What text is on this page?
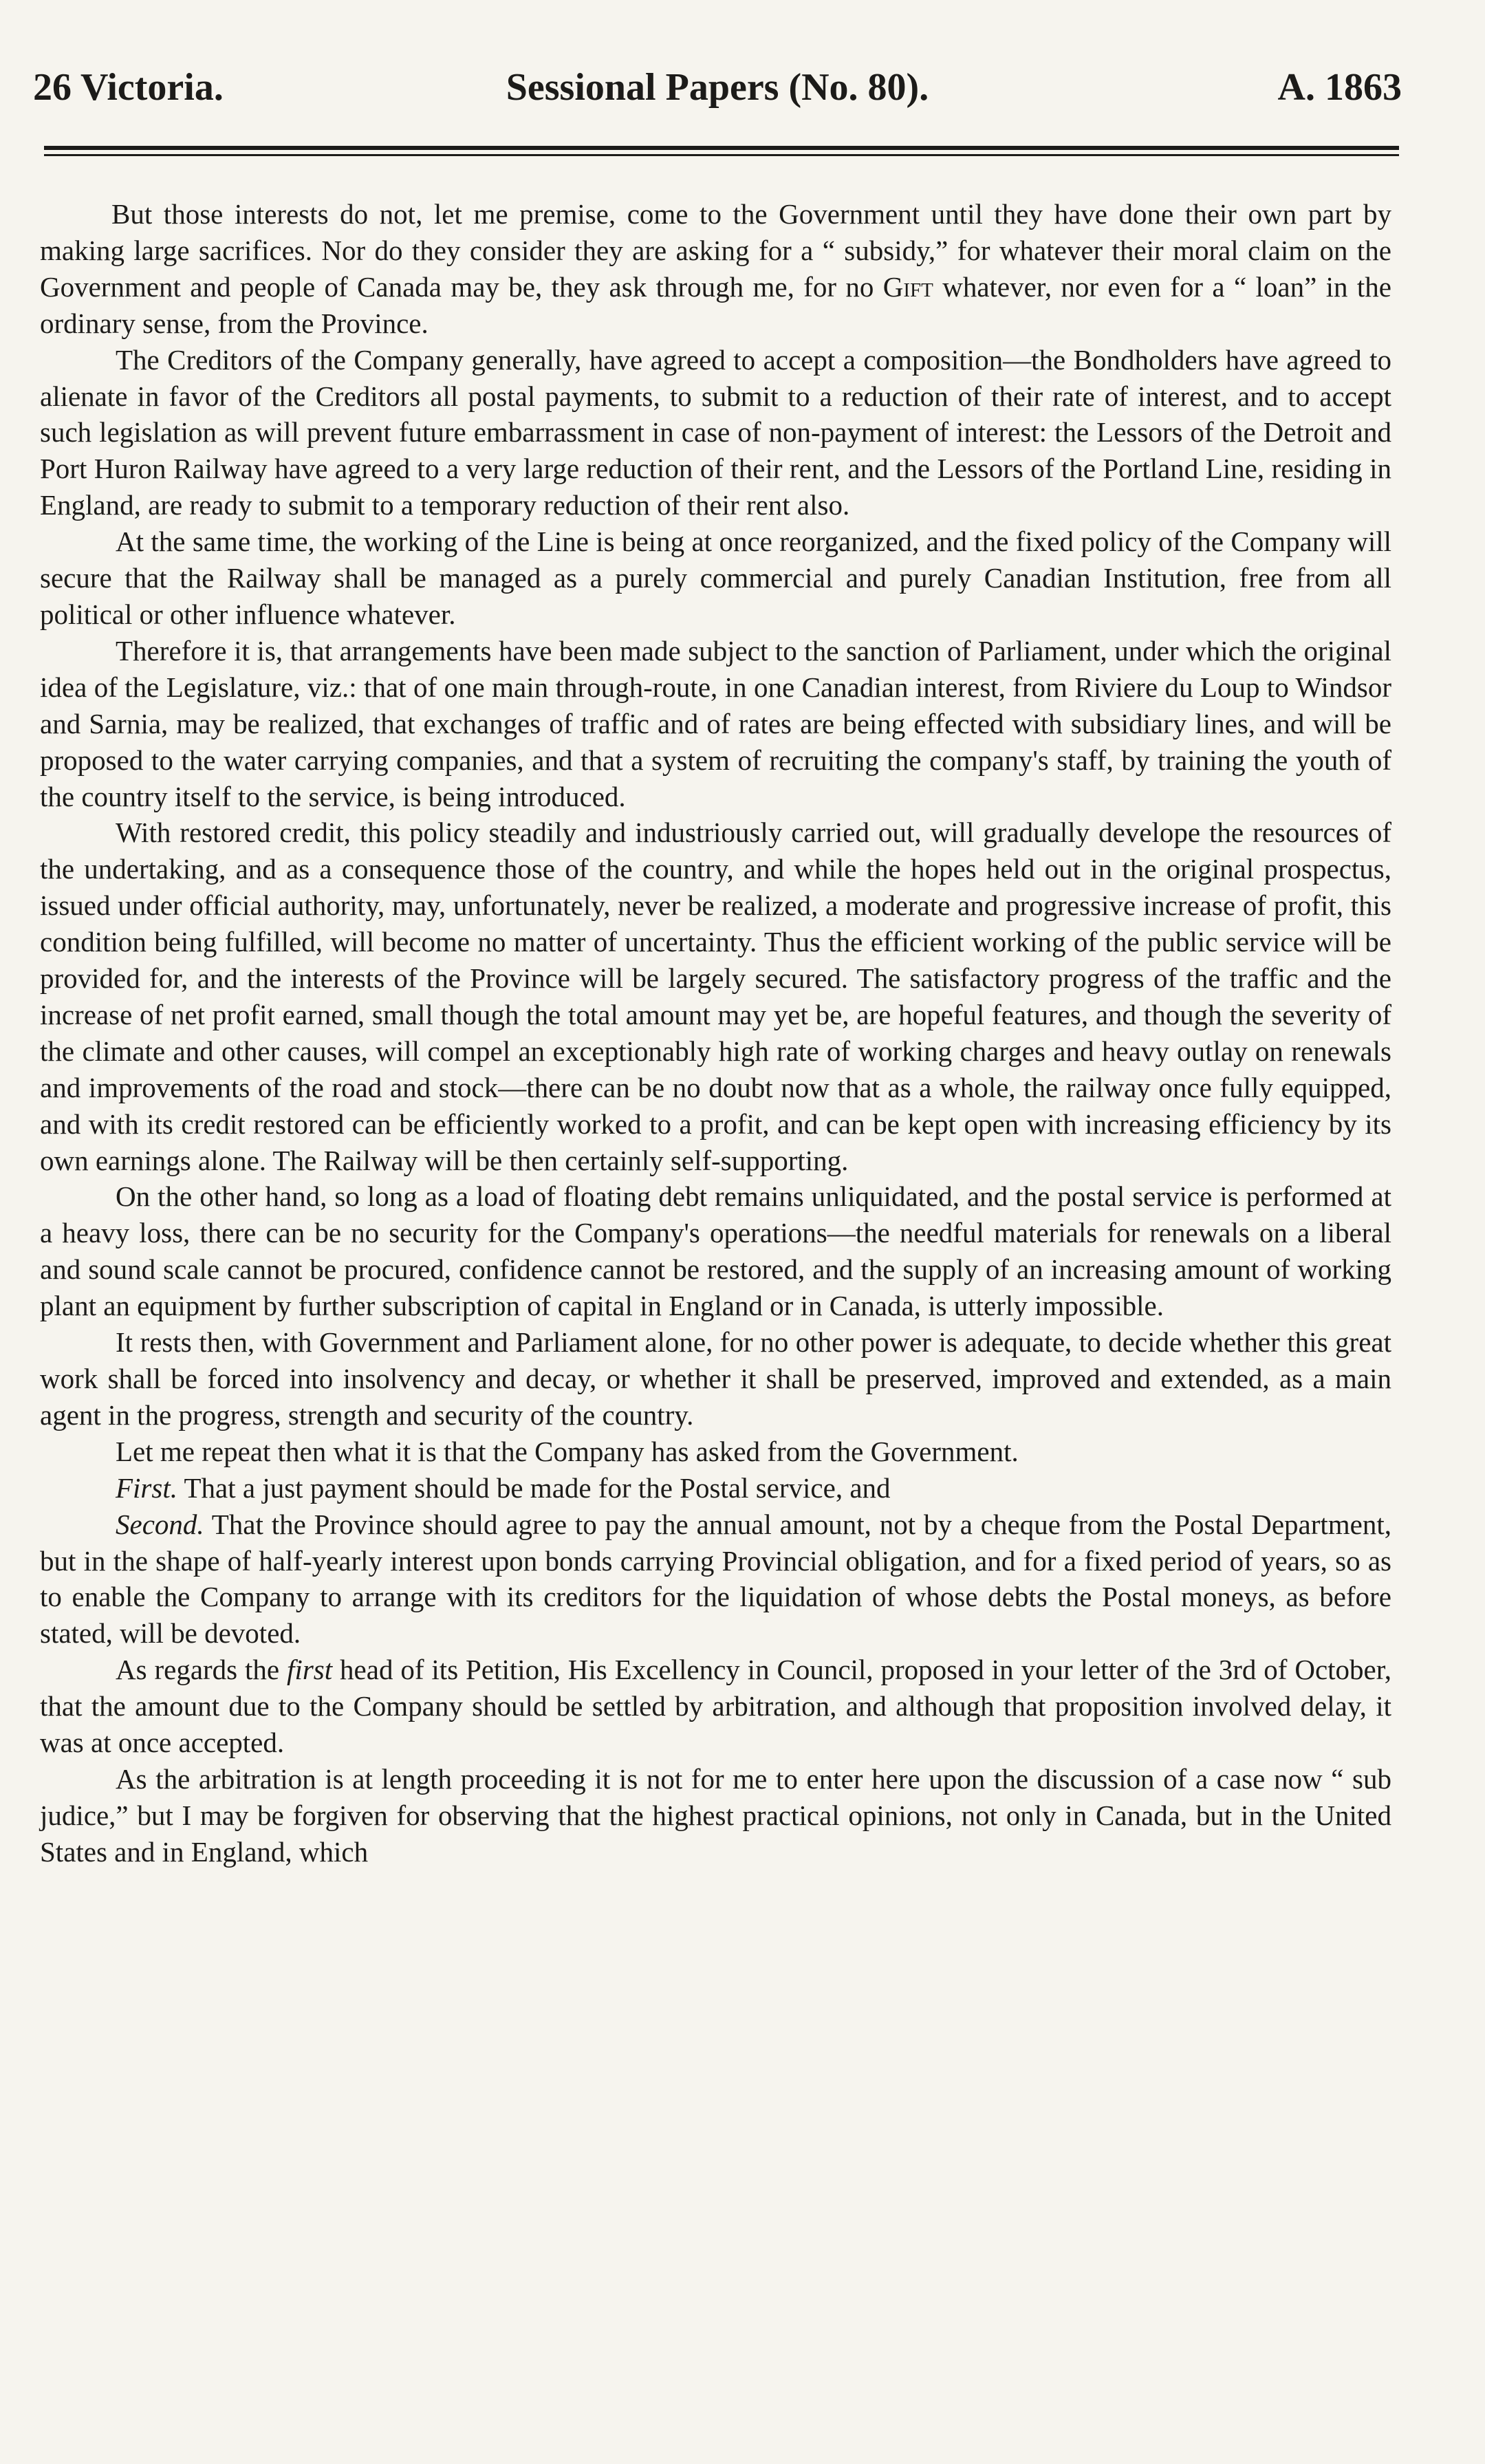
26 Victoria.	Sessional Papers (No. 80).	A. 1863

But those interests do not, let me premise, come to the Government until they have done their own part by making large sacrifices. Nor do they consider they are asking for a “ subsidy,” for whatever their moral claim on the Government and people of Canada may be, they ask through me, for no Gift whatever, nor even for a “ loan” in the ordinary sense, from the Province.

The Creditors of the Company generally, have agreed to accept a composition—the Bondholders have agreed to alienate in favor of the Creditors all postal payments, to submit to a reduction of their rate of interest, and to accept such legislation as will prevent future embarrassment in case of non-payment of interest: the Lessors of the Detroit and Port Huron Railway have agreed to a very large reduction of their rent, and the Lessors of the Portland Line, residing in England, are ready to submit to a temporary reduction of their rent also.

At the same time, the working of the Line is being at once reorganized, and the fixed policy of the Company will secure that the Railway shall be managed as a purely commercial and purely Canadian Institution, free from all political or other influence whatever.

Therefore it is, that arrangements have been made subject to the sanction of Parliament, under which the original idea of the Legislature, viz.: that of one main through-route, in one Canadian interest, from Riviere du Loup to Windsor and Sarnia, may be realized, that exchanges of traffic and of rates are being effected with subsidiary lines, and will be proposed to the water carrying companies, and that a system of recruiting the company's staff, by training the youth of the country itself to the service, is being introduced.

With restored credit, this policy steadily and industriously carried out, will gradually develope the resources of the undertaking, and as a consequence those of the country, and while the hopes held out in the original prospectus, issued under official authority, may, unfortunately, never be realized, a moderate and progressive increase of profit, this condition being fulfilled, will become no matter of uncertainty. Thus the efficient working of the public service will be provided for, and the interests of the Province will be largely secured. The satisfactory progress of the traffic and the increase of net profit earned, small though the total amount may yet be, are hopeful features, and though the severity of the climate and other causes, will compel an exceptionably high rate of working charges and heavy outlay on renewals and improvements of the road and stock—there can be no doubt now that as a whole, the railway once fully equipped, and with its credit restored can be efficiently worked to a profit, and can be kept open with increasing efficiency by its own earnings alone. The Railway will be then certainly self-supporting.

On the other hand, so long as a load of floating debt remains unliquidated, and the postal service is performed at a heavy loss, there can be no security for the Company's operations—the needful materials for renewals on a liberal and sound scale cannot be procured, confidence cannot be restored, and the supply of an increasing amount of working plant an equipment by further subscription of capital in England or in Canada, is utterly impossible.

It rests then, with Government and Parliament alone, for no other power is adequate, to decide whether this great work shall be forced into insolvency and decay, or whether it shall be preserved, improved and extended, as a main agent in the progress, strength and security of the country.

Let me repeat then what it is that the Company has asked from the Government.

First. That a just payment should be made for the Postal service, and

Second. That the Province should agree to pay the annual amount, not by a cheque from the Postal Department, but in the shape of half-yearly interest upon bonds carrying Provincial obligation, and for a fixed period of years, so as to enable the Company to arrange with its creditors for the liquidation of whose debts the Postal moneys, as before stated, will be devoted.

As regards the first head of its Petition, His Excellency in Council, proposed in your letter of the 3rd of October, that the amount due to the Company should be settled by arbitration, and although that proposition involved delay, it was at once accepted.

As the arbitration is at length proceeding it is not for me to enter here upon the discussion of a case now “ sub judice,” but I may be forgiven for observing that the highest practical opinions, not only in Canada, but in the United States and in England, which
